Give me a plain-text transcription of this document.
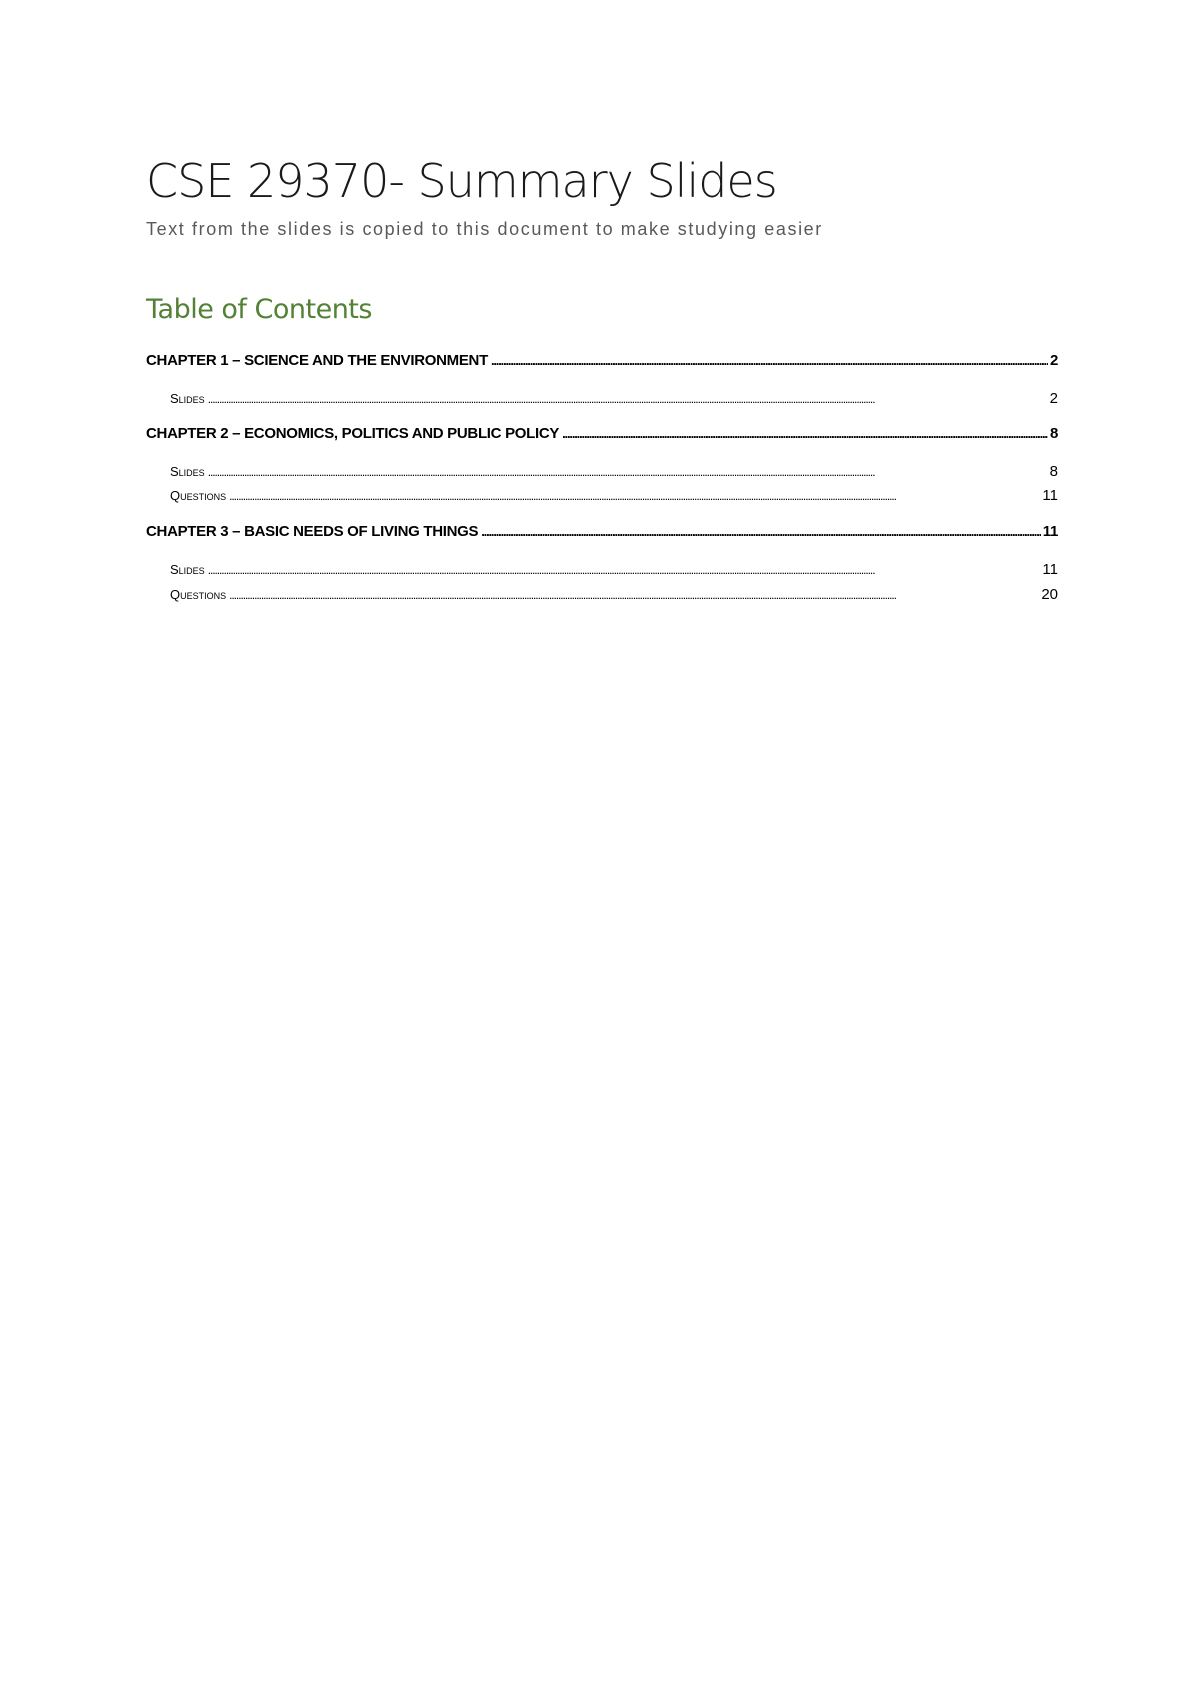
CSE 29370- Summary Slides

Text from the slides is copied to this document to make studying easier

Table of Contents
CHAPTER 1 – SCIENCE AND THE ENVIRONMENT . . .	2
Slides . . .	2
CHAPTER 2 – ECONOMICS, POLITICS AND PUBLIC POLICY . . .	8
Slides . . .	8
Questions . . .	11
CHAPTER 3 – BASIC NEEDS OF LIVING THINGS . . .	11
Slides . . .	11
Questions . . .	20
